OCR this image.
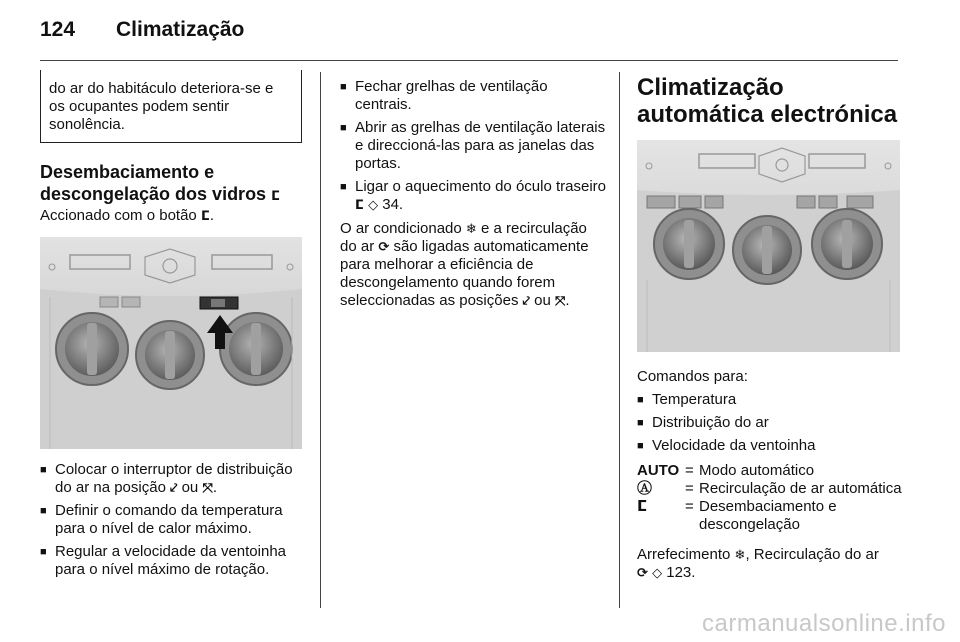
124	Climatização
do ar do habitáculo deteriora-se e os ocupantes podem sentir sonolência.
Desembaciamento e descongelação dos vidros ⵎ
Accionado com o botão ⵎ.
■ Colocar o interruptor de distribuição do ar na posição ⤦ ou ⤧.
■ Definir o comando da temperatura para o nível de calor máximo.
■ Regular a velocidade da ventoinha para o nível máximo de rotação.
■ Fechar grelhas de ventilação centrais.
■ Abrir as grelhas de ventilação laterais e direccioná-las para as janelas das portas.
■ Ligar o aquecimento do óculo traseiro ⵎ ◇ 34.
O ar condicionado ❄ e a recirculação do ar ⟳ são ligadas automaticamente para melhorar a eficiência de descongelamento quando forem seleccionadas as posições ⤦ ou ⤧.
Climatização automática electrónica
Comandos para:
■ Temperatura
■ Distribuição do ar
■ Velocidade da ventoinha
AUTO = Modo automático
Ⓐ	= Recirculação de ar automática
ⵎ	= Desembaciamento e descongelação
Arrefecimento ❄, Recirculação do ar
⟳ ◇ 123.
carmanualsonline.info
